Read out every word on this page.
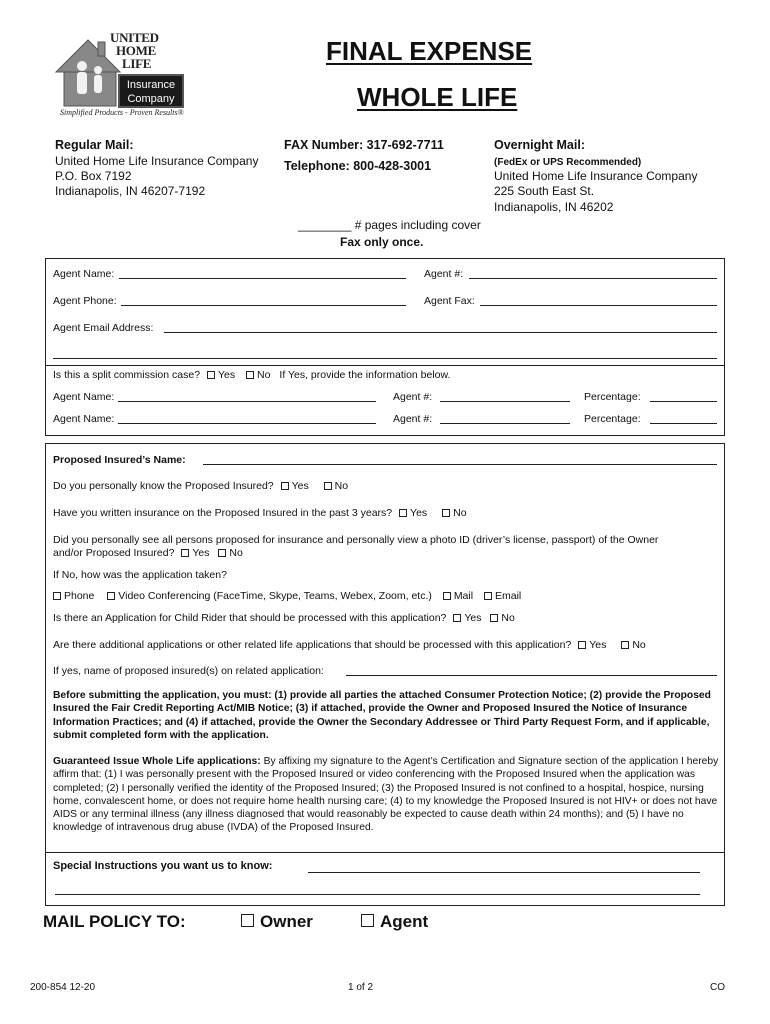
UNITED
HOME
LIFE
Insurance
Company
Simplified Products - Proven Results®
FINAL EXPENSE
WHOLE LIFE
Regular Mail:
United Home Life Insurance Company
P.O. Box 7192
Indianapolis, IN 46207-7192
FAX Number: 317-692-7711
Telephone: 800-428-3001
Overnight Mail:
(FedEx or UPS Recommended)
United Home Life Insurance Company
225 South East St.
Indianapolis, IN 46202
________ # pages including cover
Fax only once.
Agent Name:	Agent #:
Agent Phone:	Agent Fax:
Agent Email Address:
Is this a split commission case? Yes No If Yes, provide the information below.
Agent Name:	Agent #:	Percentage:
Agent Name:	Agent #:	Percentage:
Proposed Insured’s Name:
Do you personally know the Proposed Insured? Yes No
Have you written insurance on the Proposed Insured in the past 3 years? Yes No
Did you personally see all persons proposed for insurance and personally view a photo ID (driver’s license, passport) of the Owner
and/or Proposed Insured? Yes No
If No, how was the application taken?
Phone Video Conferencing (FaceTime, Skype, Teams, Webex, Zoom, etc.) Mail Email
Is there an Application for Child Rider that should be processed with this application? Yes No
Are there additional applications or other related life applications that should be processed with this application? Yes No
If yes, name of proposed insured(s) on related application:
Before submitting the application, you must: (1) provide all parties the attached Consumer Protection Notice; (2) provide the Proposed Insured the Fair Credit Reporting Act/MIB Notice; (3) if attached, provide the Owner and Proposed Insured the Notice of Insurance Information Practices; and (4) if attached, provide the Owner the Secondary Addressee or Third Party Request Form, and if applicable, submit completed form with the application.
Guaranteed Issue Whole Life applications: By affixing my signature to the Agent’s Certification and Signature section of the application I hereby affirm that: (1) I was personally present with the Proposed Insured or video conferencing with the Proposed Insured when the application was completed; (2) I personally verified the identity of the Proposed Insured; (3) the Proposed Insured is not confined to a hospital, hospice, nursing home, convalescent home, or does not require home health nursing care; (4) to my knowledge the Proposed Insured is not HIV+ or does not have AIDS or any terminal illness (any illness diagnosed that would reasonably be expected to cause death within 24 months); and (5) I have no knowledge of intravenous drug abuse (IVDA) of the Proposed Insured.
Special Instructions you want us to know:
MAIL POLICY TO:	Owner	Agent
200-854 12-20	1 of 2	CO
